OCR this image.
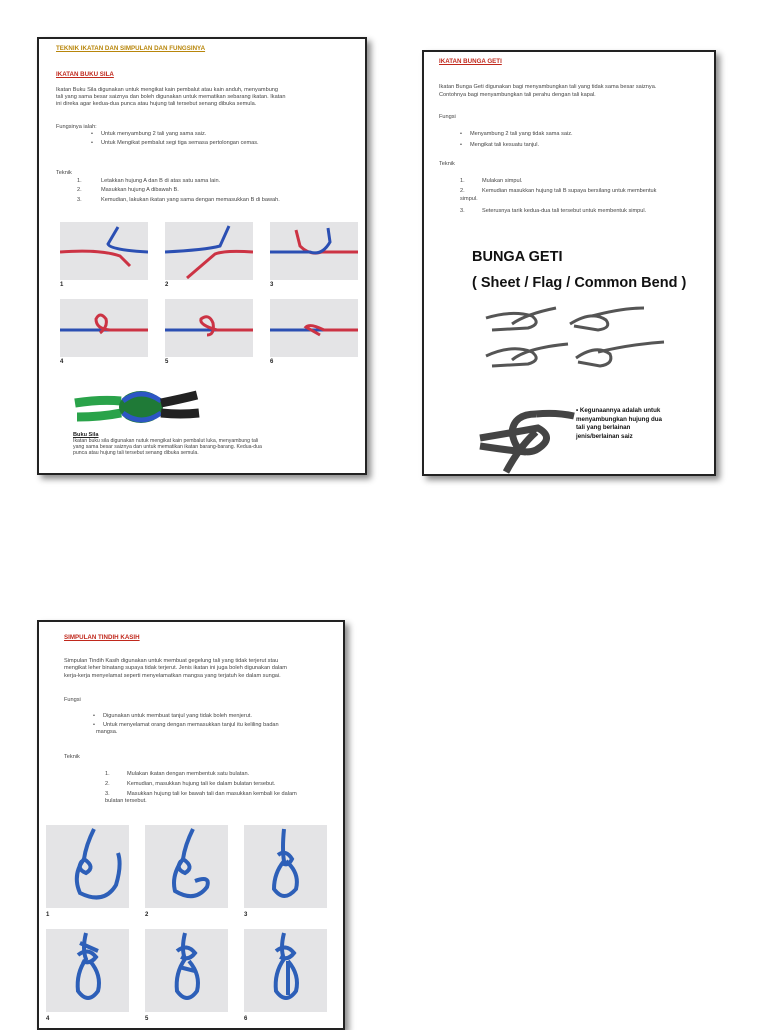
TEKNIK IKATAN DAN SIMPULAN DAN FUNGSINYA
IKATAN BUKU SILA
Ikatan Buku Sila digunakan untuk mengikat kain pembalut atau kain anduh, menyambung
tali yang sama besar saiznya dan boleh digunakan untuk mematikan sebarang ikatan. Ikatan
ini direka agar kedua-dua punca atau hujung tali tersebut senang dibuka semula.
Fungsinya ialah:
• Untuk menyambung 2 tali yang sama saiz.
• Untuk Mengikat pembalut segi tiga semasa pertolongan cemas.
Teknik
1.	Letakkan hujung A dan B di atas satu sama lain.
2.	Masukkan hujung A dibawah B.
3.	Kemudian, lakukan ikatan yang sama dengan memasukkan B di bawah.
1	2	3
4	5	6
Buku Sila
Ikatan buku sila digunakan nutuk mengikat kain pembalut luka, menyambung tali
yang sama besar saiznya dan untuk mematikan ikatan barang-barang. Kedua-dua
punca atau hujung tali tersebut senang dibuka semula.
IKATAN BUNGA GETI
Ikatan Bunga Geti digunakan bagi menyambungkan tali yang tidak sama besar saiznya.
Contohnya bagi menyambungkan tali perahu dengan tali kapal.
Fungsi
• Menyambung 2 tali yang tidak sama saiz.
• Mengikat tali kesuatu tanjul.
Teknik
1.	Mulakan simpul.
2.	Kemudian masukkan hujung tali B supaya bersilang untuk membentuk
simpul.
3.	Seterusnya tarik kedua-dua tali tersebut untuk membentuk simpul.
BUNGA GETI
( Sheet / Flag / Common Bend )
• Kegunaannya adalah untuk
menyambungkan hujung dua
tali yang berlainan
jenis/berlainan saiz
SIMPULAN TINDIH KASIH
Simpulan Tindih Kasih digunakan untuk membuat gegelung tali yang tidak terjerut stau
mengikat leher binatang supaya tidak terjerut. Jenis ikatan ini juga boleh digunakan dalam
kerja-kerja menyelamat seperti menyelamatkan mangsa yang terjatuh ke dalam sungai.
Fungsi
• Digunakan untuk membuat tanjul yang tidak boleh menjerut.
• Untuk menyelamat orang dengan memasukkan tanjul itu keliling badan
mangsa.
Teknik
1.	Mulakan ikatan dengan membentuk satu bulatan.
2.	Kemudian, masukkan hujung tali ke dalam bulatan tersebut.
3.	Masukkan hujung tali ke bawah tali dan masukkan kembali ke dalam
bulatan tersebut.
1	2	3
4	5	6
